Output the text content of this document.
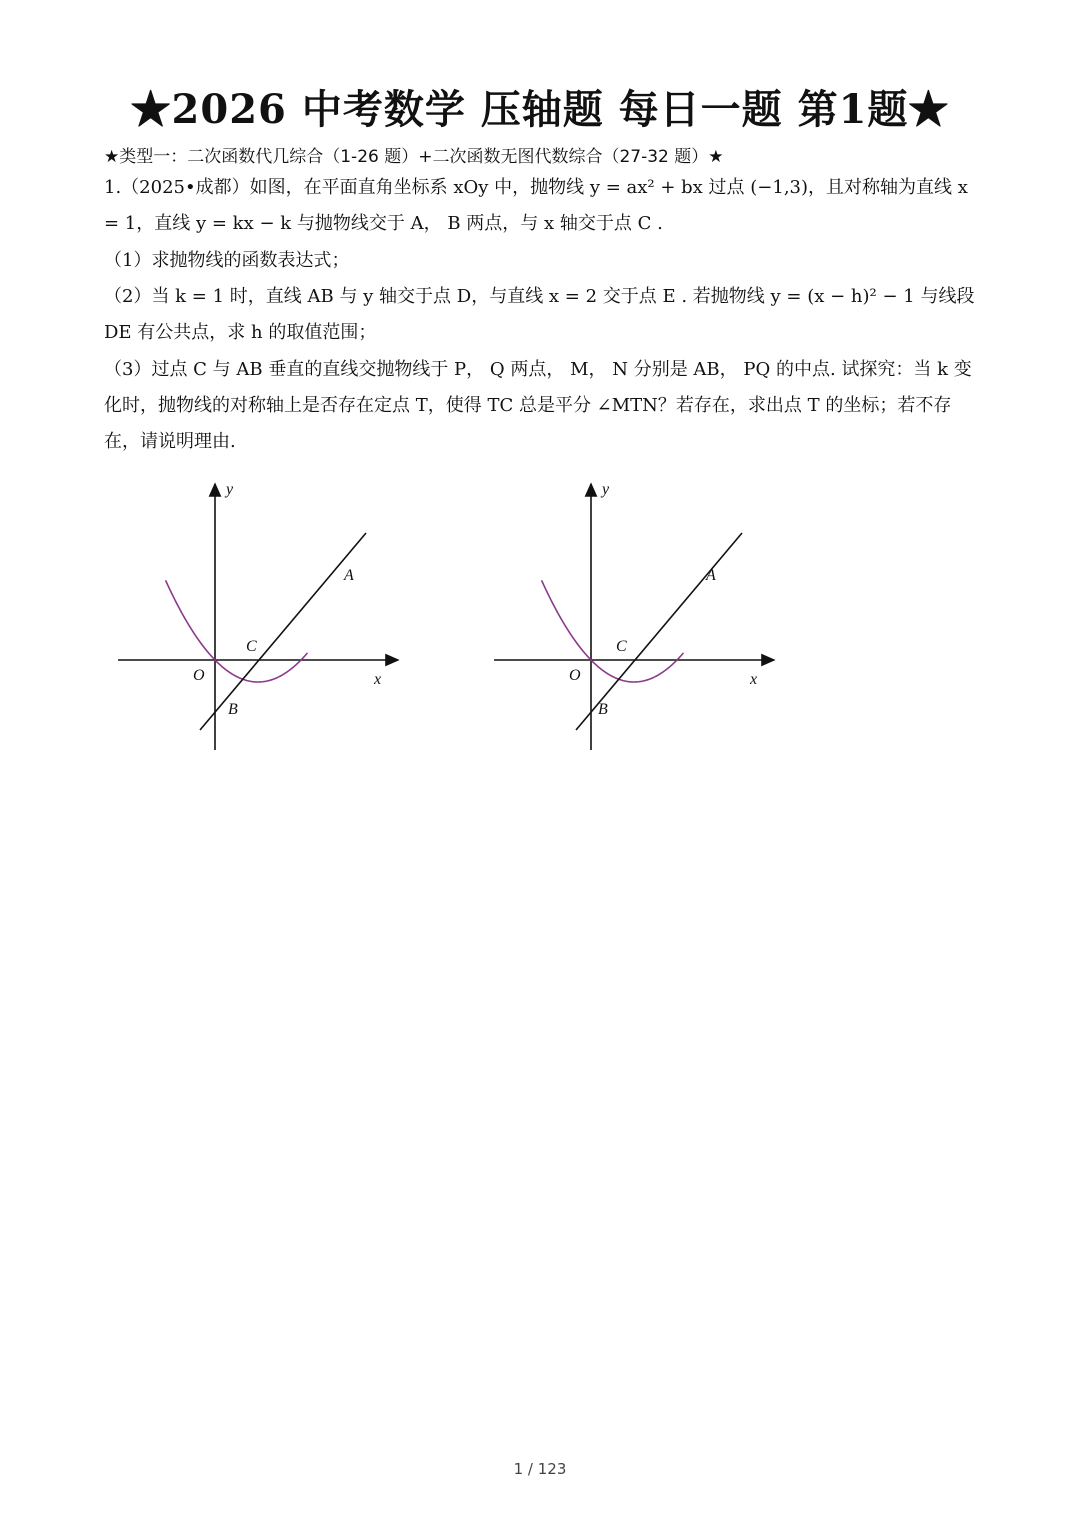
★2026 中考数学 压轴题 每日一题 第1题★
★类型一：二次函数代几综合（1-26 题）+二次函数无图代数综合（27-32 题）★
1.（2025•成都）如图，在平面直角坐标系 xOy 中，抛物线 y = ax² + bx 过点 (−1,3)，且对称轴为直线 x = 1，直线 y = kx − k 与抛物线交于 A， B 两点，与 x 轴交于点 C .
（1）求抛物线的函数表达式；
（2）当 k = 1 时，直线 AB 与 y 轴交于点 D，与直线 x = 2 交于点 E . 若抛物线 y = (x − h)² − 1 与线段 DE 有公共点，求 h 的取值范围；
（3）过点 C 与 AB 垂直的直线交抛物线于 P， Q 两点， M， N 分别是 AB， PQ 的中点. 试探究：当 k 变化时，抛物线的对称轴上是否存在定点 T，使得 TC 总是平分 ∠MTN？若存在，求出点 T 的坐标；若不存在，请说明理由.
y
x
O
A
B
C
y
x
O
A
B
C
1 / 123
